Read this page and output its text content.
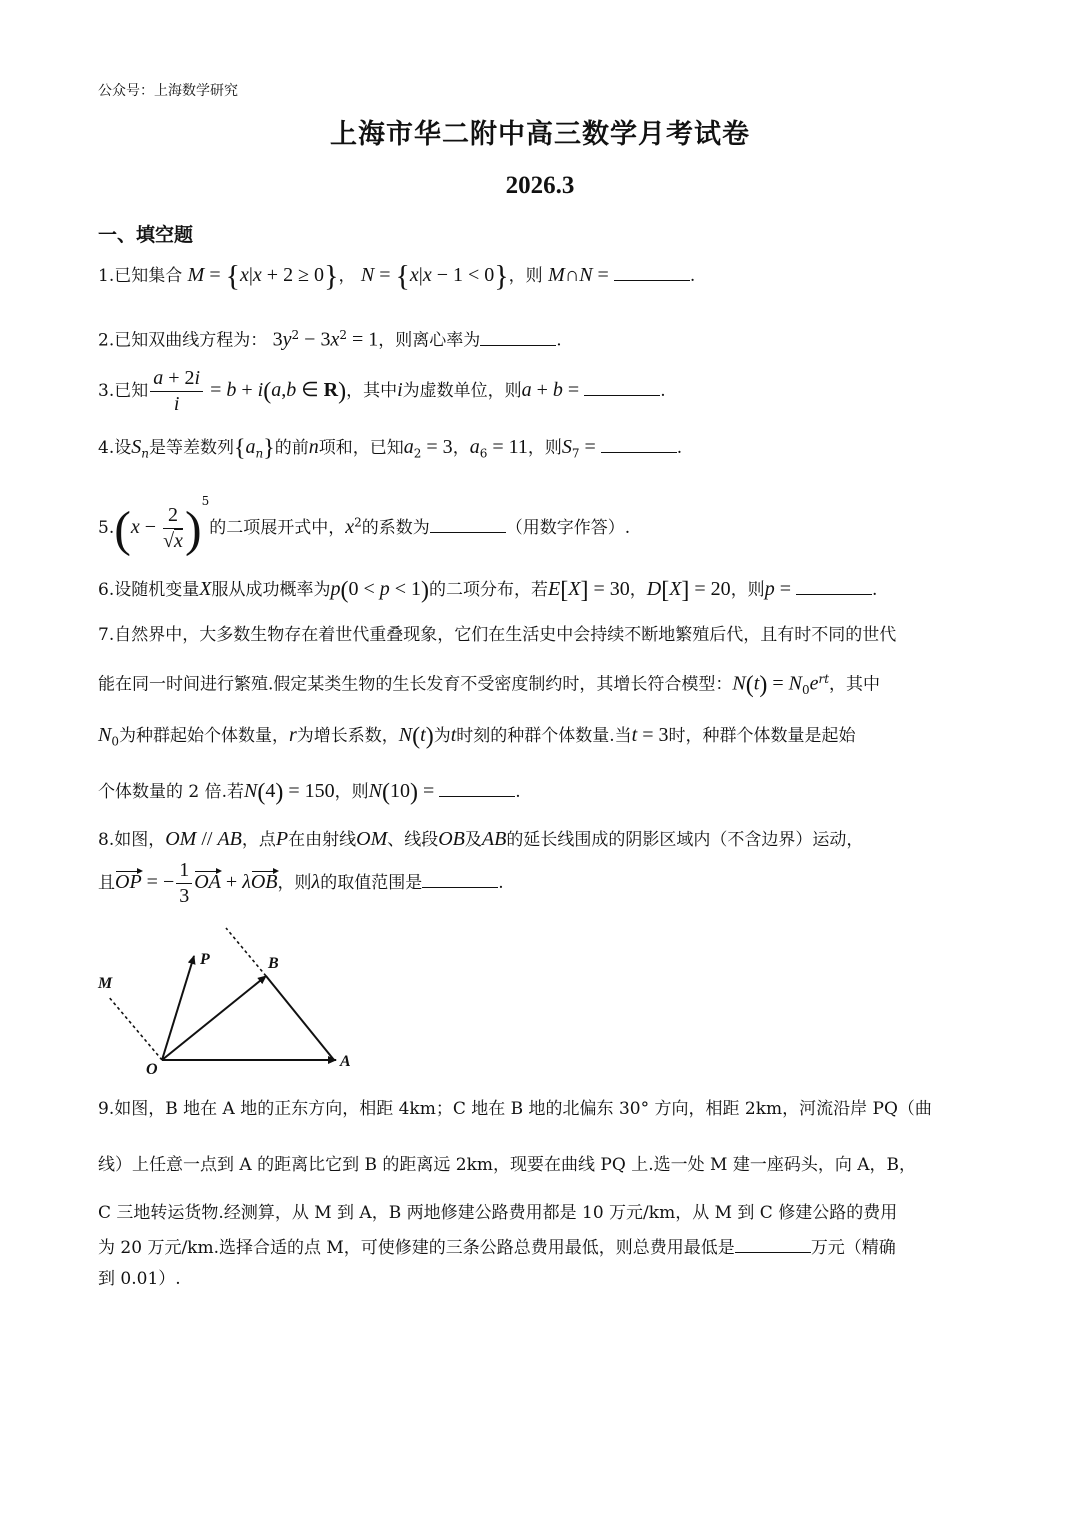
公众号：上海数学研究
上海市华二附中高三数学月考试卷
2026.3
一、填空题
1.已知集合 M = {x|x + 2 ≥ 0}， N = {x|x − 1 < 0}，则 M∩N =	.
2.已知双曲线方程为： $3y^2 - 3x^2 = 1$，则离心率为	.
3.已知 $\frac{a + 2i}{i} = b + i(a,b$ ∈ R)，其中i为虚数单位，则a + b =	.
4.设$S_n$是等差数列$\{a_n\}$的前n项和，已知$a_2 = 3$，$a_6 = 11$，则$S_7$ =	.
$5.(x - \frac{2}{√x} )^5$的二项展开式中，$x^2$的系数为	（用数字作答）.
6.设随机变量X服从成功概率为p(0 < p < 1)的二项分布，若E[X] = 30，D[X] = 20，则p =	.
7.自然界中，大多数生物存在着世代重叠现象，它们在生活史中会持续不断地繁殖后代，且有时不同的世代
能在同一时间进行繁殖.假定某类生物的生长发育不受密度制约时，其增长符合模型：$N(t) = N_0e^{rt}$，其中
$N_0$为种群起始个体数量，r为增长系数，N(t)为t时刻的种群个体数量.当t = 3时，种群个体数量是起始
个体数量的 2 倍.若N(4) = 150，则N(10) =	.
8.如图，OM // AB，点P在由射线OM、线段OB及AB的延长线围成的阴影区域内（不含边界）运动，
且OP = − $\frac{1}{3}$ OA + λOB，则λ的取值范围是	.
M
P	B
O	A
9.如图，B 地在 A 地的正东方向，相距 4km；C 地在 B 地的北偏东 30° 方向，相距 2km，河流沿岸 PQ（曲
线）上任意一点到 A 的距离比它到 B 的距离远 2km，现要在曲线 PQ 上.选一处 M 建一座码头，向 A，B，
C 三地转运货物.经测算，从 M 到 A，B 两地修建公路费用都是 10 万元/km，从 M 到 C 修建公路的费用
为 20 万元/km.选择合适的点 M，可使修建的三条公路总费用最低，则总费用最低是	万元（精确
到 0.01）.
